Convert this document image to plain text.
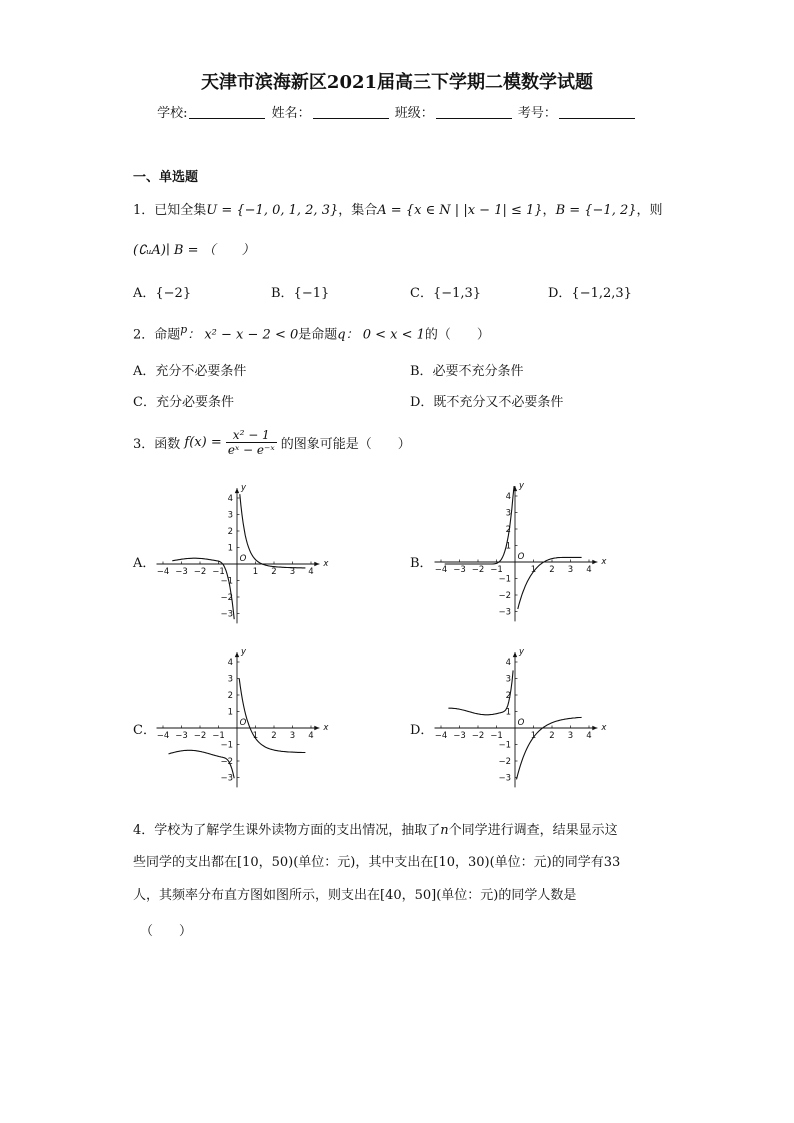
天津市滨海新区2021届高三下学期二模数学试题
学校:	姓名：	班级：	考号：
一、单选题
1．已知全集U = {−1, 0, 1, 2, 3}，集合A = {x ∈ N | |x − 1| ≤ 1}，B = {−1, 2}，则
(∁ᵤA)∣ B = （　　）
A．{−2}	B．{−1}	C．{−1,3}	D．{−1,2,3}
2．命题$^p$： x² − x − 2 < 0是命题q： 0 < x < 1的（　　）
A．充分不必要条件	B．必要不充分条件
C．充分必要条件	D．既不充分又不必要条件
3．函数 $f(x) = \frac{\text{x² − 1}}{\text{eˣ − e⁻ˣ}}$ 的图象可能是（　　）
A．	B．
C．	D．
x
y
O
−4 −3 −2 −1	1 2 3 4
4
3
2
1
−1
−2
−3
x
y
O
−4 −3 −2 −1	1 2 3 4
4
3
2
1
−1
−2
−3
x
y
O
−4 −3 −2 −1	1 2 3 4
4
3
2
1
−1
−2
−3
x
y
O
−4 −3 −2 −1	1 2 3 4
4
3
2
1
−1
−2
−3
4．学校为了解学生课外读物方面的支出情况，抽取了n个同学进行调查，结果显示这
些同学的支出都在[10，50)(单位：元)，其中支出在[10，30)(单位：元)的同学有33
人，其频率分布直方图如图所示，则支出在[40，50](单位：元)的同学人数是
（　　）
